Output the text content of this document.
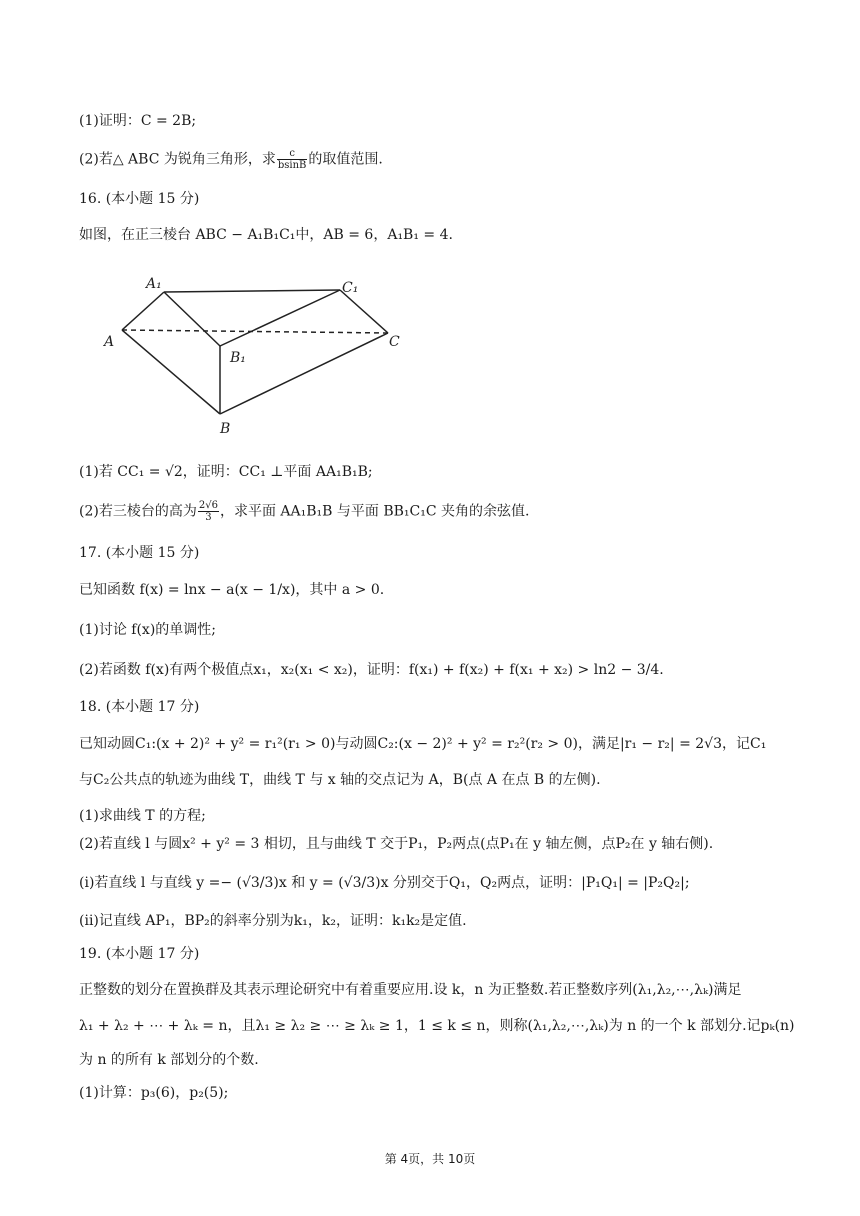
(1)证明：C = 2B;
(2)若△ ABC 为锐角三角形，求 $\frac{c}{bsinB}$ 的取值范围.
16. (本小题 15 分)
如图，在正三棱台 ABC − A₁B₁C₁中，AB = 6，A₁B₁ = 4.
A₁	C₁
A
B₁
C
B
(1)若 CC₁ = √2，证明：CC₁ ⊥平面 AA₁B₁B;
(2)若三棱台的高为 $\frac{2√6}{3}$ ，求平面 AA₁B₁B 与平面 BB₁C₁C 夹角的余弦值.
17. (本小题 15 分)
已知函数 f(x) = lnx − a(x − 1/x)，其中 a > 0.
(1)讨论 f(x)的单调性;
(2)若函数 f(x)有两个极值点x₁，x₂(x₁ < x₂)，证明：f(x₁) + f(x₂) + f(x₁ + x₂) > ln2 − 3/4.
18. (本小题 17 分)
已知动圆C₁:(x + 2)² + y² = r₁²(r₁ > 0)与动圆C₂:(x − 2)² + y² = r₂²(r₂ > 0)，满足|r₁ − r₂| = 2√3，记C₁
与C₂公共点的轨迹为曲线 T，曲线 T 与 x 轴的交点记为 A，B(点 A 在点 B 的左侧).
(1)求曲线 T 的方程;
(2)若直线 l 与圆x² + y² = 3 相切，且与曲线 T 交于P₁，P₂两点(点P₁在 y 轴左侧，点P₂在 y 轴右侧).
(ⅰ)若直线 l 与直线 y =− (√3/3)x 和 y = (√3/3)x 分别交于Q₁，Q₂两点，证明：|P₁Q₁| = |P₂Q₂|;
(ⅱ)记直线 AP₁，BP₂的斜率分别为k₁，k₂，证明：k₁k₂是定值.
19. (本小题 17 分)
正整数的划分在置换群及其表示理论研究中有着重要应用.设 k，n 为正整数.若正整数序列(λ₁,λ₂,⋯,λₖ)满足
λ₁ + λ₂ + ⋯ + λₖ = n，且λ₁ ≥ λ₂ ≥ ⋯ ≥ λₖ ≥ 1，1 ≤ k ≤ n，则称(λ₁,λ₂,⋯,λₖ)为 n 的一个 k 部划分.记pₖ(n)
为 n 的所有 k 部划分的个数.
(1)计算：p₃(6)，p₂(5);
第 4页，共 10页
